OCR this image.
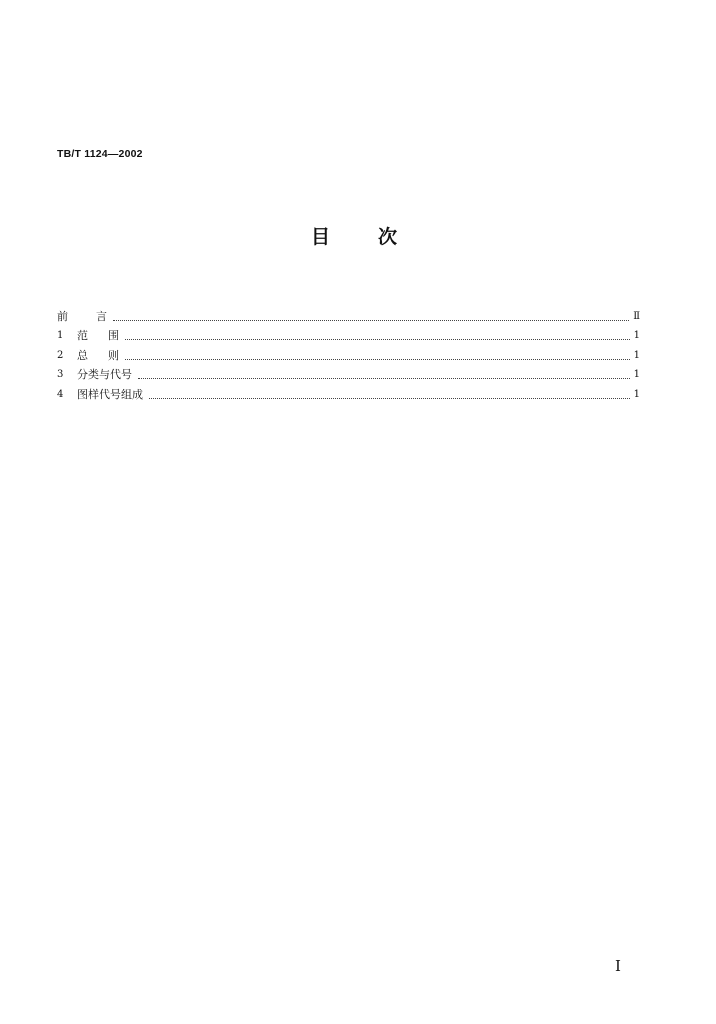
TB/T 1124—2002
目次
前言	Ⅱ
1	范围	1
2	总则	1
3	分类与代号	1
4	图样代号组成	1
I
